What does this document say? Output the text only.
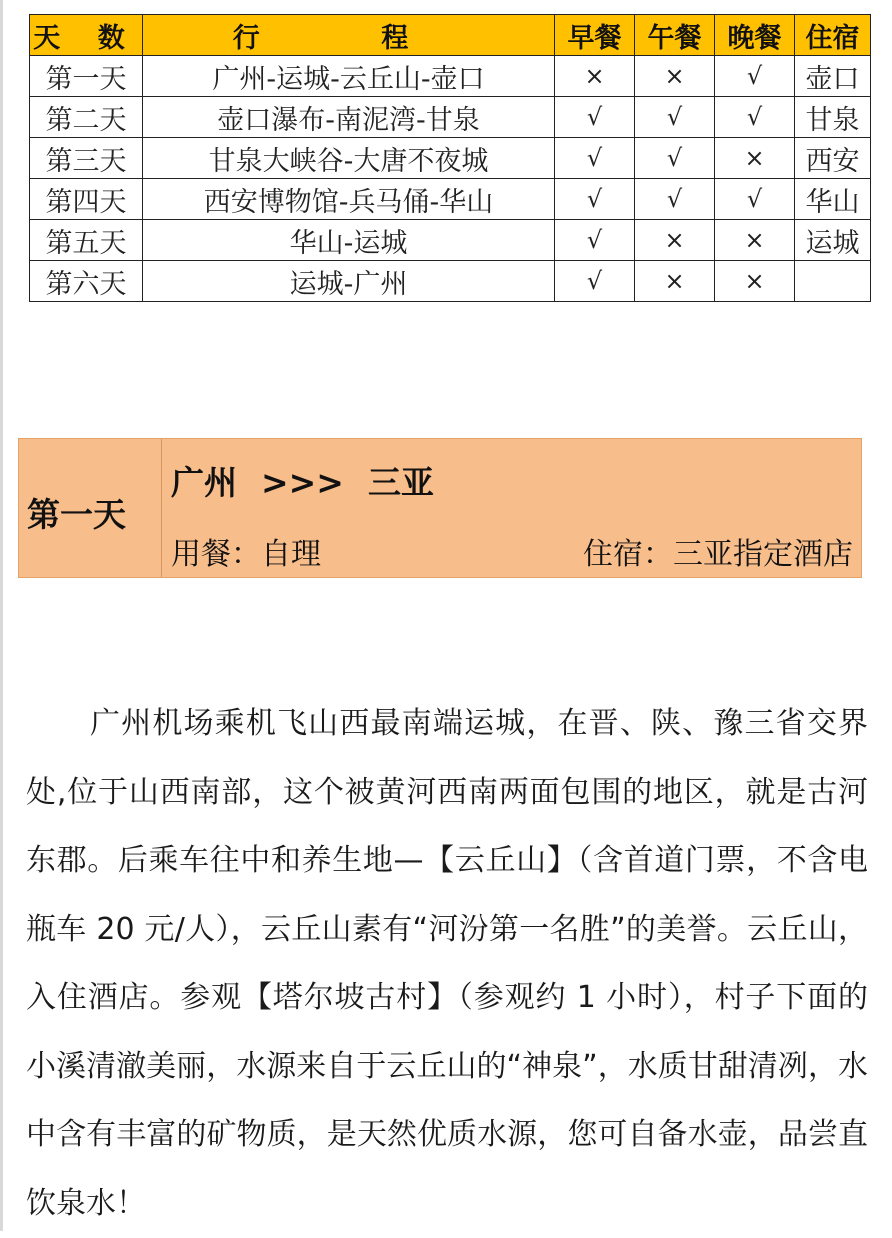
天 数	行 程	早餐	午餐	晚餐	住宿
第一天	广州-运城-云丘山-壶口	×	×	√	壶口
第二天	壶口瀑布-南泥湾-甘泉	√	√	√	甘泉
第三天	甘泉大峡谷-大唐不夜城	√	√	×	西安
第四天	西安博物馆-兵马俑-华山	√	√	√	华山
第五天	华山-运城	√	×	×	运城
第六天	运城-广州	√	×	×	
第一天
广州 >>> 三亚
用餐：自理	住宿：三亚指定酒店

广州机场乘机飞山西最南端运城，在晋、陕、豫三省交界处,位于山西南部，这个被黄河西南两面包围的地区，就是古河东郡。后乘车往中和养生地—【云丘山】（含首道门票，不含电瓶车 20 元/人），云丘山素有“河汾第一名胜”的美誉。云丘山，入住酒店。参观【塔尔坡古村】（参观约 1 小时），村子下面的小溪清澈美丽，水源来自于云丘山的“神泉”，水质甘甜清冽，水中含有丰富的矿物质，是天然优质水源，您可自备水壶，品尝直饮泉水！
